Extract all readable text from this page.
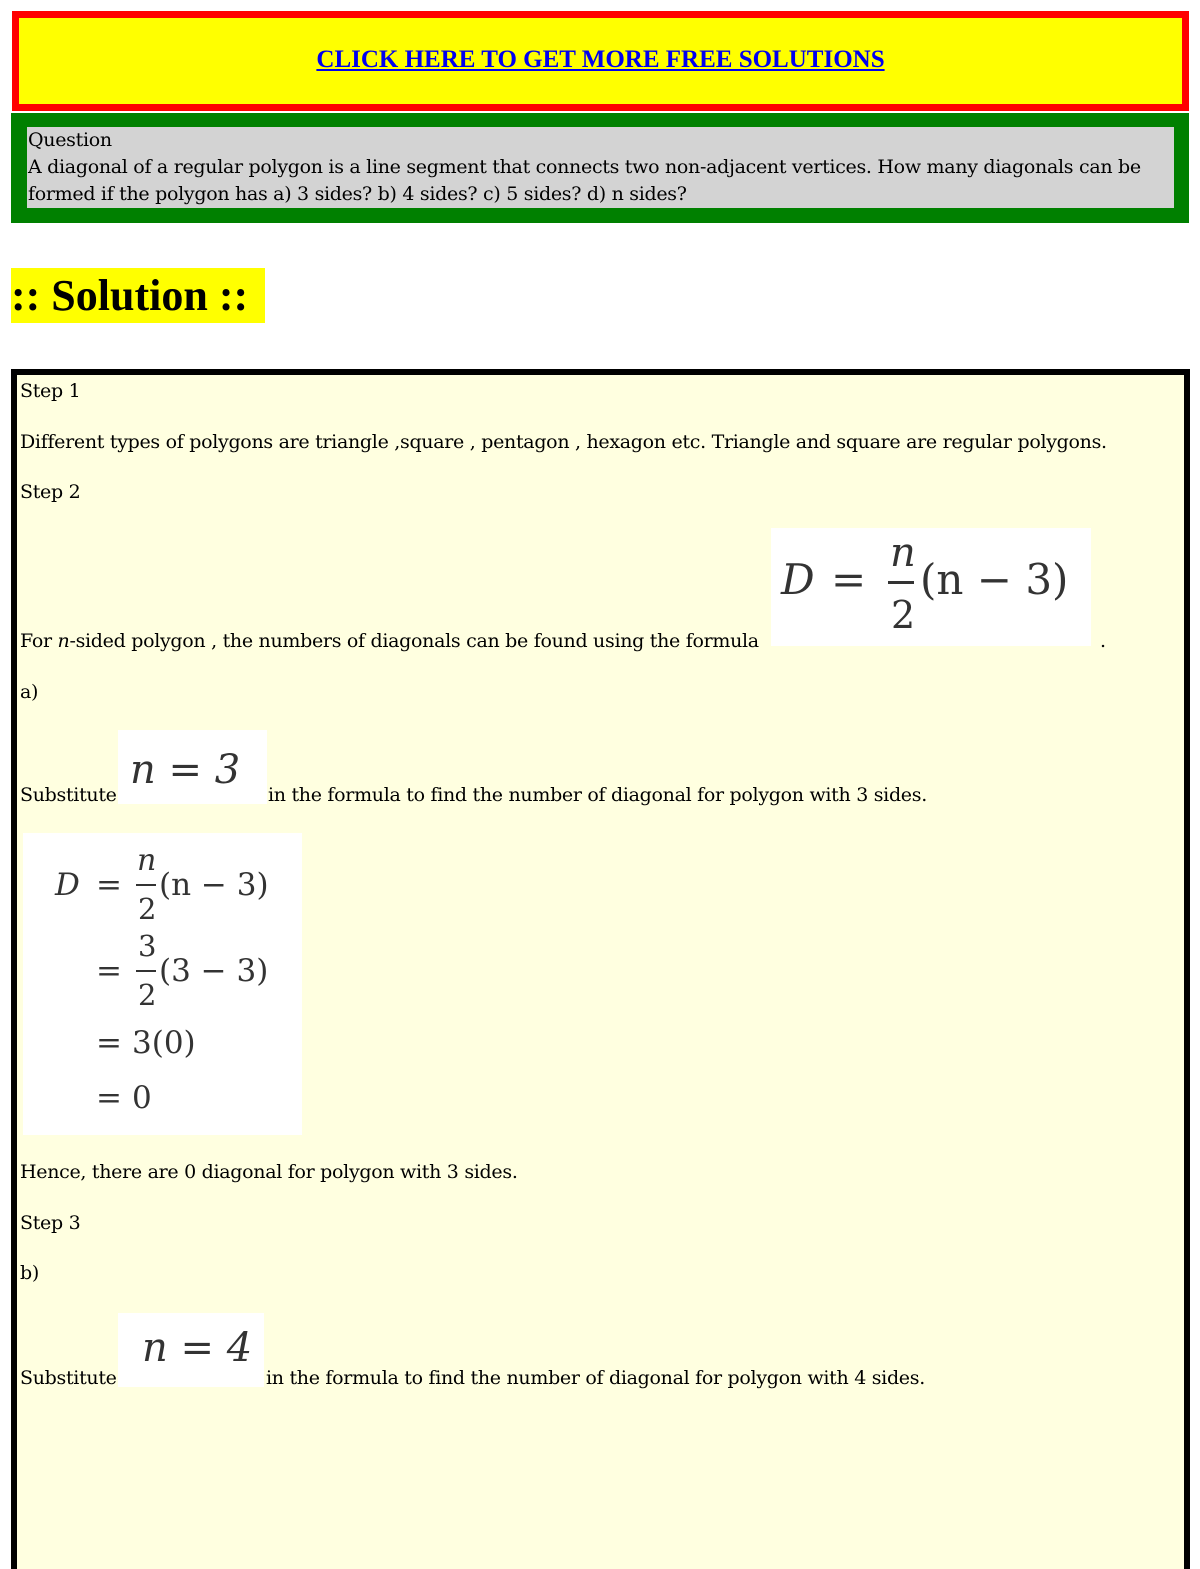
CLICK HERE TO GET MORE FREE SOLUTIONS
Question
A diagonal of a regular polygon is a line segment that connects two non-adjacent vertices. How many diagonals can be
formed if the polygon has a) 3 sides? b) 4 sides? c) 5 sides? d) n sides?
:: Solution ::
Step 1
Different types of polygons are triangle ,square , pentagon , hexagon etc. Triangle and square are regular polygons.
Step 2
For n-sided polygon , the numbers of diagonals can be found using the formula
D =
n
2
(n − 3)
.
a)
Substitute
n = 3
in the formula to find the number of diagonal for polygon with 3 sides.
D =
n
2
(n − 3)
=
3
2
(3 − 3)
= 3(0)
= 0
Hence, there are 0 diagonal for polygon with 3 sides.
Step 3
b)
Substitute
n = 4
in the formula to find the number of diagonal for polygon with 4 sides.
